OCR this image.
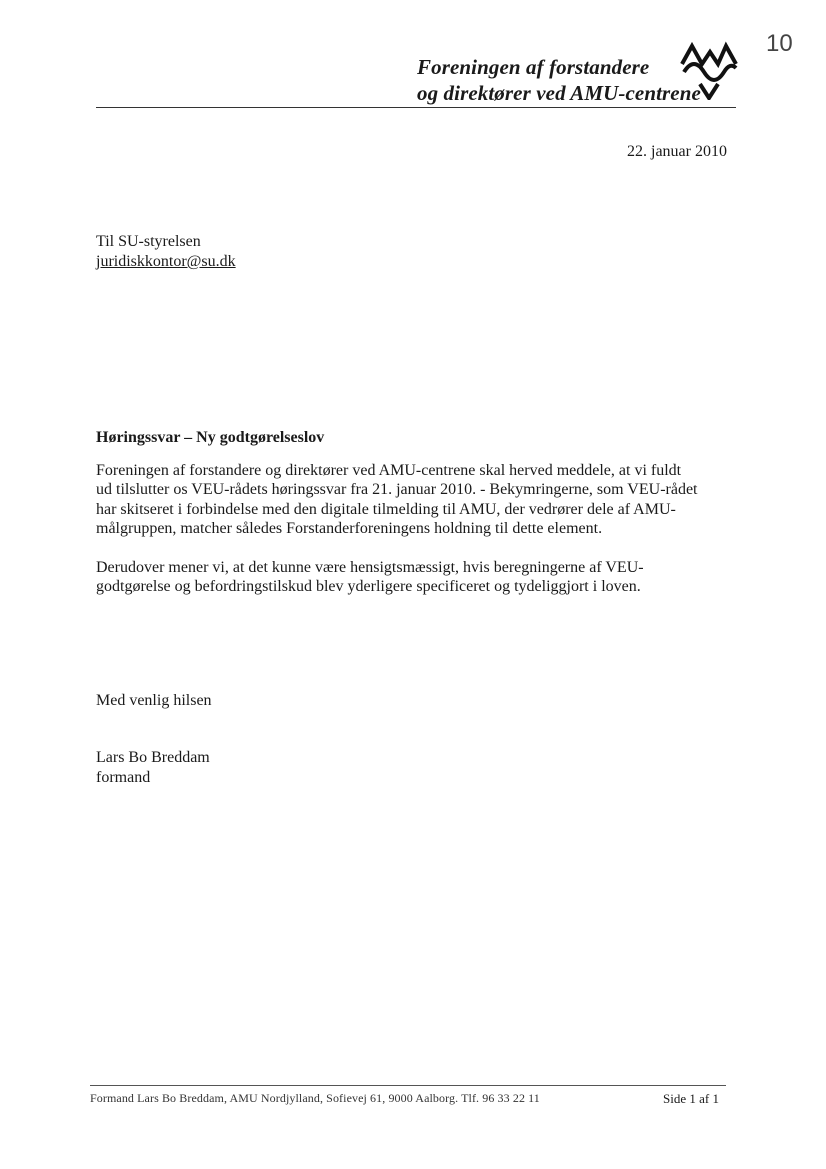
10
Foreningen af forstandere
og direktører ved AMU-centrene
22. januar 2010
Til SU-styrelsen
juridiskkontor@su.dk
Høringssvar – Ny godtgørelseslov
Foreningen af forstandere og direktører ved AMU-centrene skal herved meddele, at vi fuldt
ud tilslutter os VEU-rådets høringssvar fra 21. januar 2010. - Bekymringerne, som VEU-rådet
har skitseret i forbindelse med den digitale tilmelding til AMU, der vedrører dele af AMU-
målgruppen, matcher således Forstanderforeningens holdning til dette element.
Derudover mener vi, at det kunne være hensigtsmæssigt, hvis beregningerne af VEU-
godtgørelse og befordringstilskud blev yderligere specificeret og tydeliggjort i loven.
Med venlig hilsen
Lars Bo Breddam
formand
Formand Lars Bo Breddam, AMU Nordjylland, Sofievej 61, 9000 Aalborg. Tlf. 96 33 22 11	Side 1 af 1
